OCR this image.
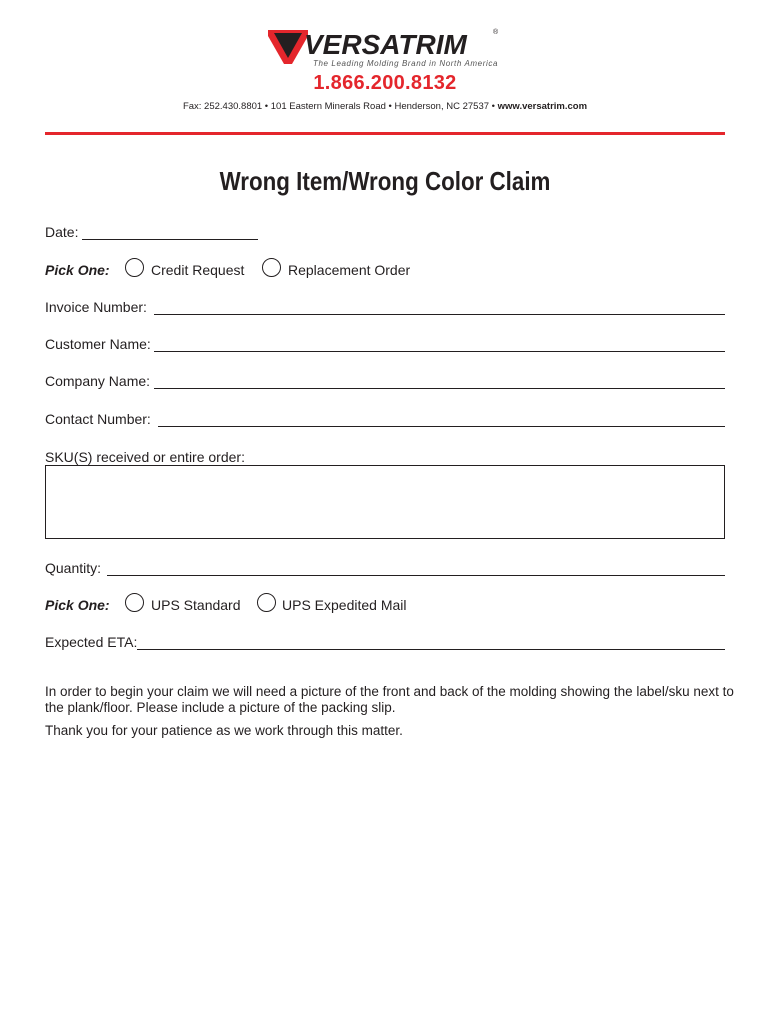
VERSATRIM	®
The Leading Molding Brand in North America
1.866.200.8132
Fax: 252.430.8801 • 101 Eastern Minerals Road • Henderson, NC 27537 • www.versatrim.com
Wrong Item/Wrong Color Claim
Date:
Pick One:	Credit Request	Replacement Order
Invoice Number:
Customer Name:
Company Name:
Contact Number:
SKU(S) received or entire order:
Quantity:
Pick One:	UPS Standard	UPS Expedited Mail
Expected ETA:
In order to begin your claim we will need a picture of the front and back of the molding showing the label/sku next to the plank/floor. Please include a picture of the packing slip.
Thank you for your patience as we work through this matter.
